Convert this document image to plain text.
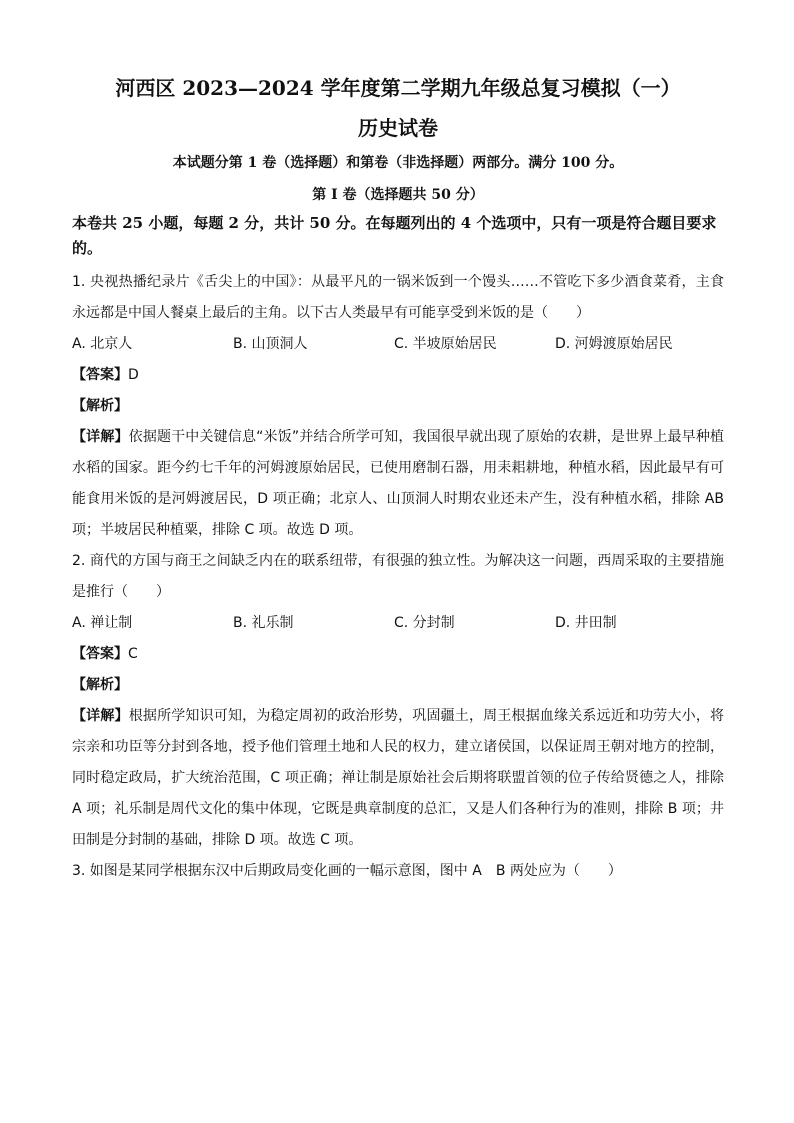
河西区 2023—2024 学年度第二学期九年级总复习模拟（一）
历史试卷
本试题分第 1 卷（选择题）和第卷（非选择题）两部分。满分 100 分。
第 I 卷（选择题共 50 分）
本卷共 25 小题，每题 2 分，共计 50 分。在每题列出的 4 个选项中，只有一项是符合题目要求的。

1. 央视热播纪录片《舌尖上的中国》：从最平凡的一锅米饭到一个馒头……不管吃下多少酒食菜肴，主食永远都是中国人餐桌上最后的主角。以下古人类最早有可能享受到米饭的是（　　）

A. 北京人	B. 山顶洞人	C. 半坡原始居民	D. 河姆渡原始居民
【答案】D
【解析】

【详解】依据题干中关键信息“米饭”并结合所学可知，我国很早就出现了原始的农耕，是世界上最早种植水稻的国家。距今约七千年的河姆渡原始居民，已使用磨制石器，用耒耜耕地，种植水稻，因此最早有可能食用米饭的是河姆渡居民，D 项正确；北京人、山顶洞人时期农业还未产生，没有种植水稻，排除 AB 项；半坡居民种植粟，排除 C 项。故选 D 项。

2. 商代的方国与商王之间缺乏内在的联系纽带，有很强的独立性。为解决这一问题，西周采取的主要措施是推行（　　）

A. 禅让制	B. 礼乐制	C. 分封制	D. 井田制
【答案】C
【解析】

【详解】根据所学知识可知，为稳定周初的政治形势，巩固疆土，周王根据血缘关系远近和功劳大小，将宗亲和功臣等分封到各地，授予他们管理土地和人民的权力，建立诸侯国，以保证周王朝对地方的控制，同时稳定政局，扩大统治范围，C 项正确；禅让制是原始社会后期将联盟首领的位子传给贤德之人，排除 A 项；礼乐制是周代文化的集中体现，它既是典章制度的总汇，又是人们各种行为的准则，排除 B 项；井田制是分封制的基础，排除 D 项。故选 C 项。

3. 如图是某同学根据东汉中后期政局变化画的一幅示意图，图中 A　B 两处应为（　　）
